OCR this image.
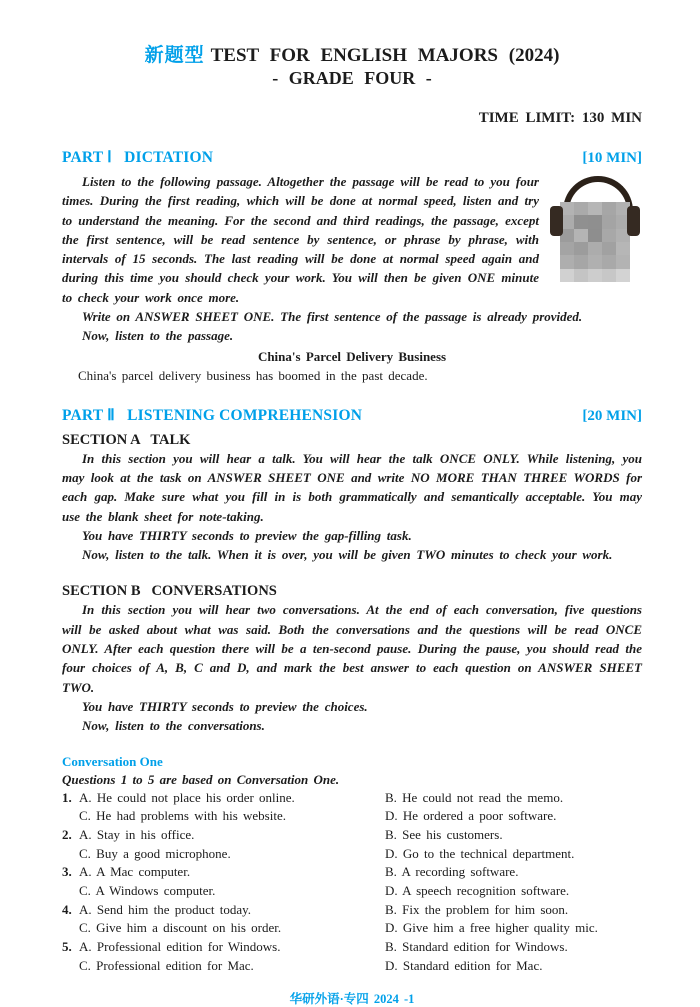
新题型 TEST FOR ENGLISH MAJORS (2024)
- GRADE FOUR -
TIME LIMIT: 130 MIN
PART Ⅰ   DICTATION	[10 MIN]
Listen to the following passage. Altogether the passage will be read to you four times. During the first reading, which will be done at normal speed, listen and try to understand the meaning. For the second and third readings, the passage, except the first sentence, will be read sentence by sentence, or phrase by phrase, with intervals of 15 seconds. The last reading will be done at normal speed again and during this time you should check your work. You will then be given ONE minute to check your work once more.
Write on ANSWER SHEET ONE. The first sentence of the passage is already provided.
Now, listen to the passage.
China's Parcel Delivery Business
China's parcel delivery business has boomed in the past decade.
PART Ⅱ   LISTENING COMPREHENSION	[20 MIN]
SECTION A   TALK
In this section you will hear a talk. You will hear the talk ONCE ONLY. While listening, you may look at the task on ANSWER SHEET ONE and write NO MORE THAN THREE WORDS for each gap. Make sure what you fill in is both grammatically and semantically acceptable. You may use the blank sheet for note-taking.
You have THIRTY seconds to preview the gap-filling task.
Now, listen to the talk. When it is over, you will be given TWO minutes to check your work.
SECTION B   CONVERSATIONS
In this section you will hear two conversations. At the end of each conversation, five questions will be asked about what was said. Both the conversations and the questions will be read ONCE ONLY. After each question there will be a ten-second pause. During the pause, you should read the four choices of A, B, C and D, and mark the best answer to each question on ANSWER SHEET TWO.
You have THIRTY seconds to preview the choices.
Now, listen to the conversations.
Conversation One
Questions 1 to 5 are based on Conversation One.
1. A. He could not place his order online.	B. He could not read the memo.
C. He had problems with his website.	D. He ordered a poor software.
2. A. Stay in his office.	B. See his customers.
C. Buy a good microphone.	D. Go to the technical department.
3. A. A Mac computer.	B. A recording software.
C. A Windows computer.	D. A speech recognition software.
4. A. Send him the product today.	B. Fix the problem for him soon.
C. Give him a discount on his order.	D. Give him a free higher quality mic.
5. A. Professional edition for Windows.	B. Standard edition for Windows.
C. Professional edition for Mac.	D. Standard edition for Mac.
华研外语·专四 2024 -1
